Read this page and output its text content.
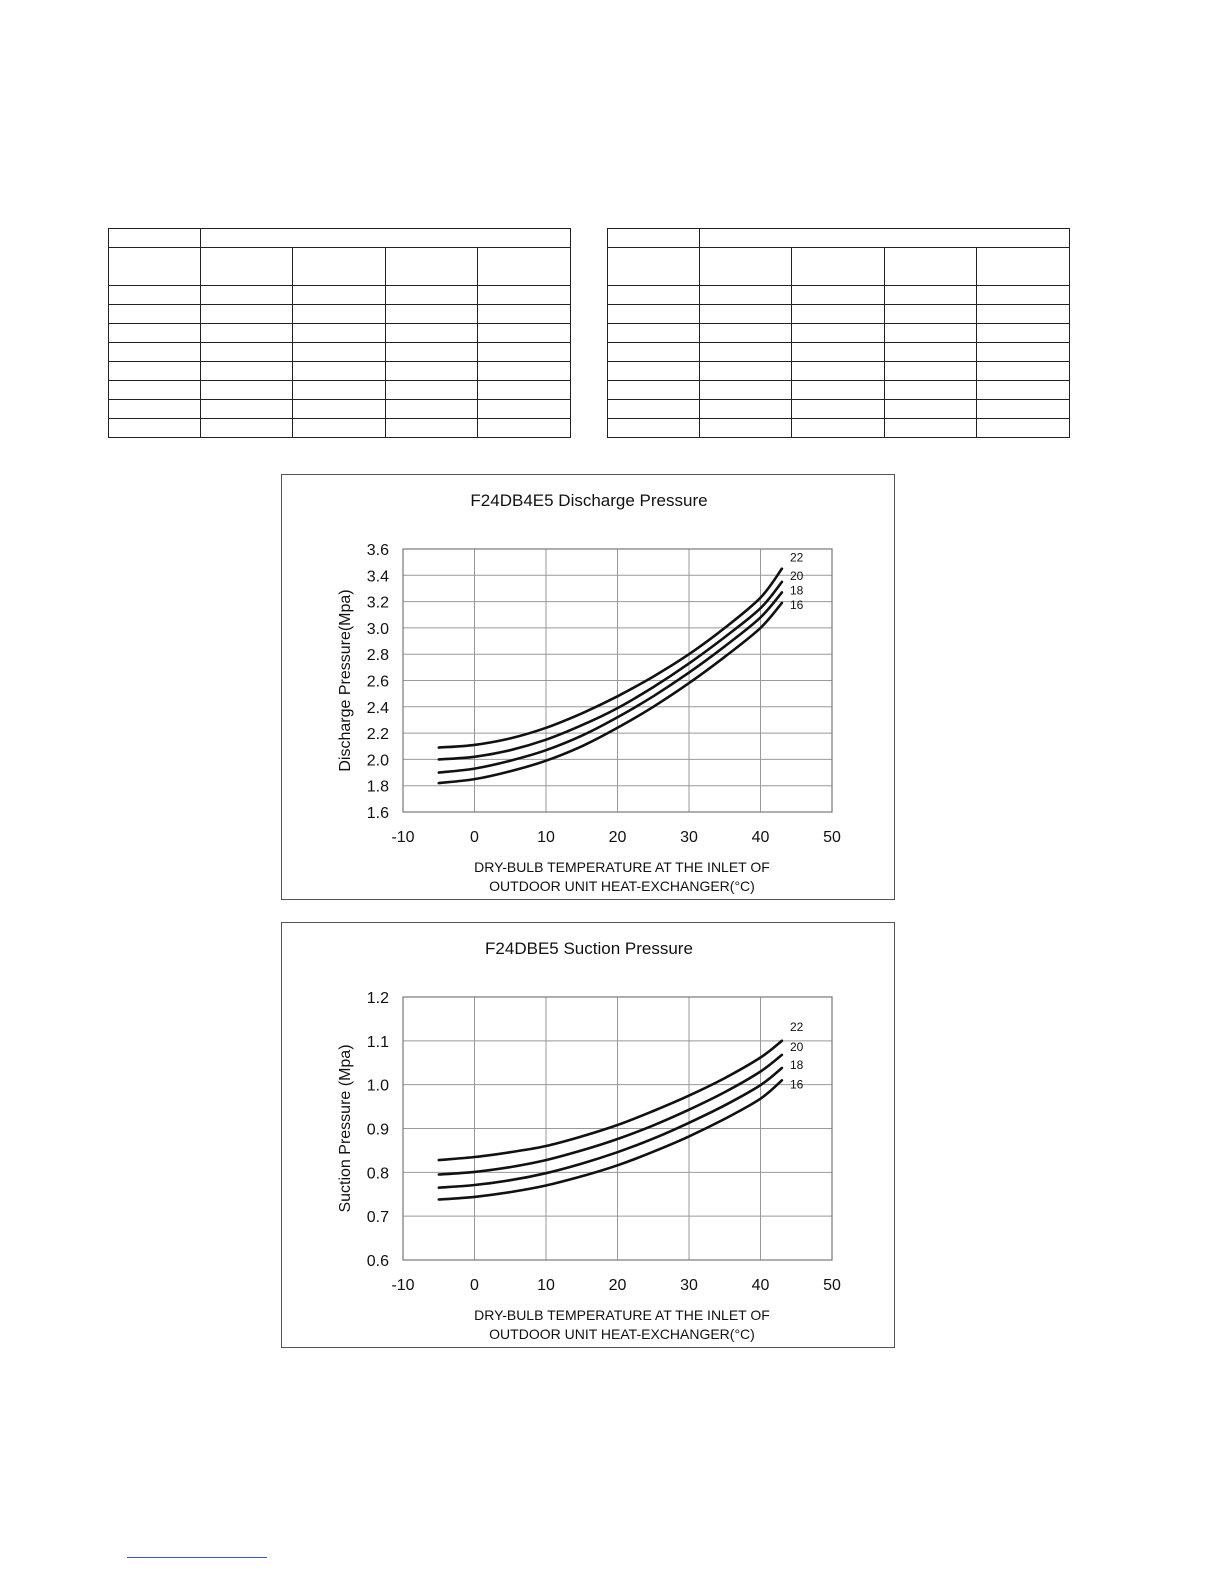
F24DB4E5 Discharge Pressure
-10	0	10	20	30	40	50
1.6
1.8
2.0
2.2
2.4
2.6
2.8
3.0
3.2
3.4
3.6
Discharge Pressure(Mpa)
DRY-BULB TEMPERATURE AT THE INLET OF
OUTDOOR UNIT HEAT-EXCHANGER(°C)
22
20
18
16
F24DBE5 Suction Pressure
-10	0	10	20	30	40	50
0.6
0.7
0.8
0.9
1.0
1.1
1.2
Suction Pressure (Mpa)
DRY-BULB TEMPERATURE AT THE INLET OF
OUTDOOR UNIT HEAT-EXCHANGER(°C)
22
20
18
16
